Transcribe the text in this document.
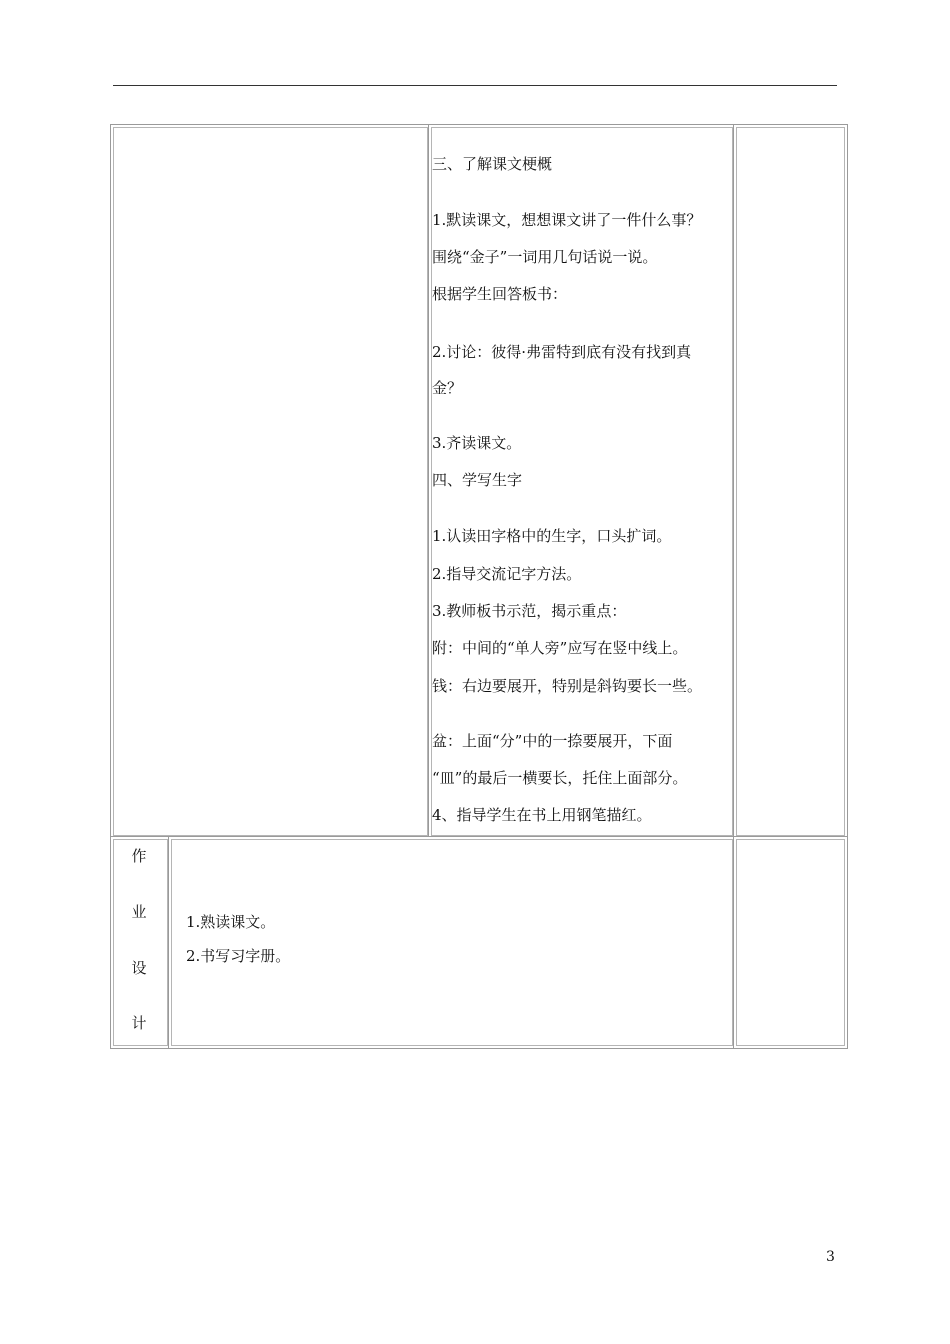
三、了解课文梗概
1.默读课文，想想课文讲了一件什么事？
围绕“金子”一词用几句话说一说。
根据学生回答板书：
2.讨论：彼得·弗雷特到底有没有找到真
金？
3.齐读课文。
四、学写生字
1.认读田字格中的生字，口头扩词。
2.指导交流记字方法。
3.教师板书示范，揭示重点：
附：中间的“单人旁”应写在竖中线上。
钱：右边要展开，特别是斜钩要长一些。
盆：上面“分”中的一捺要展开，下面
“皿”的最后一横要长，托住上面部分。
4、指导学生在书上用钢笔描红。
作
业
设
计
1.熟读课文。
2.书写习字册。
3
